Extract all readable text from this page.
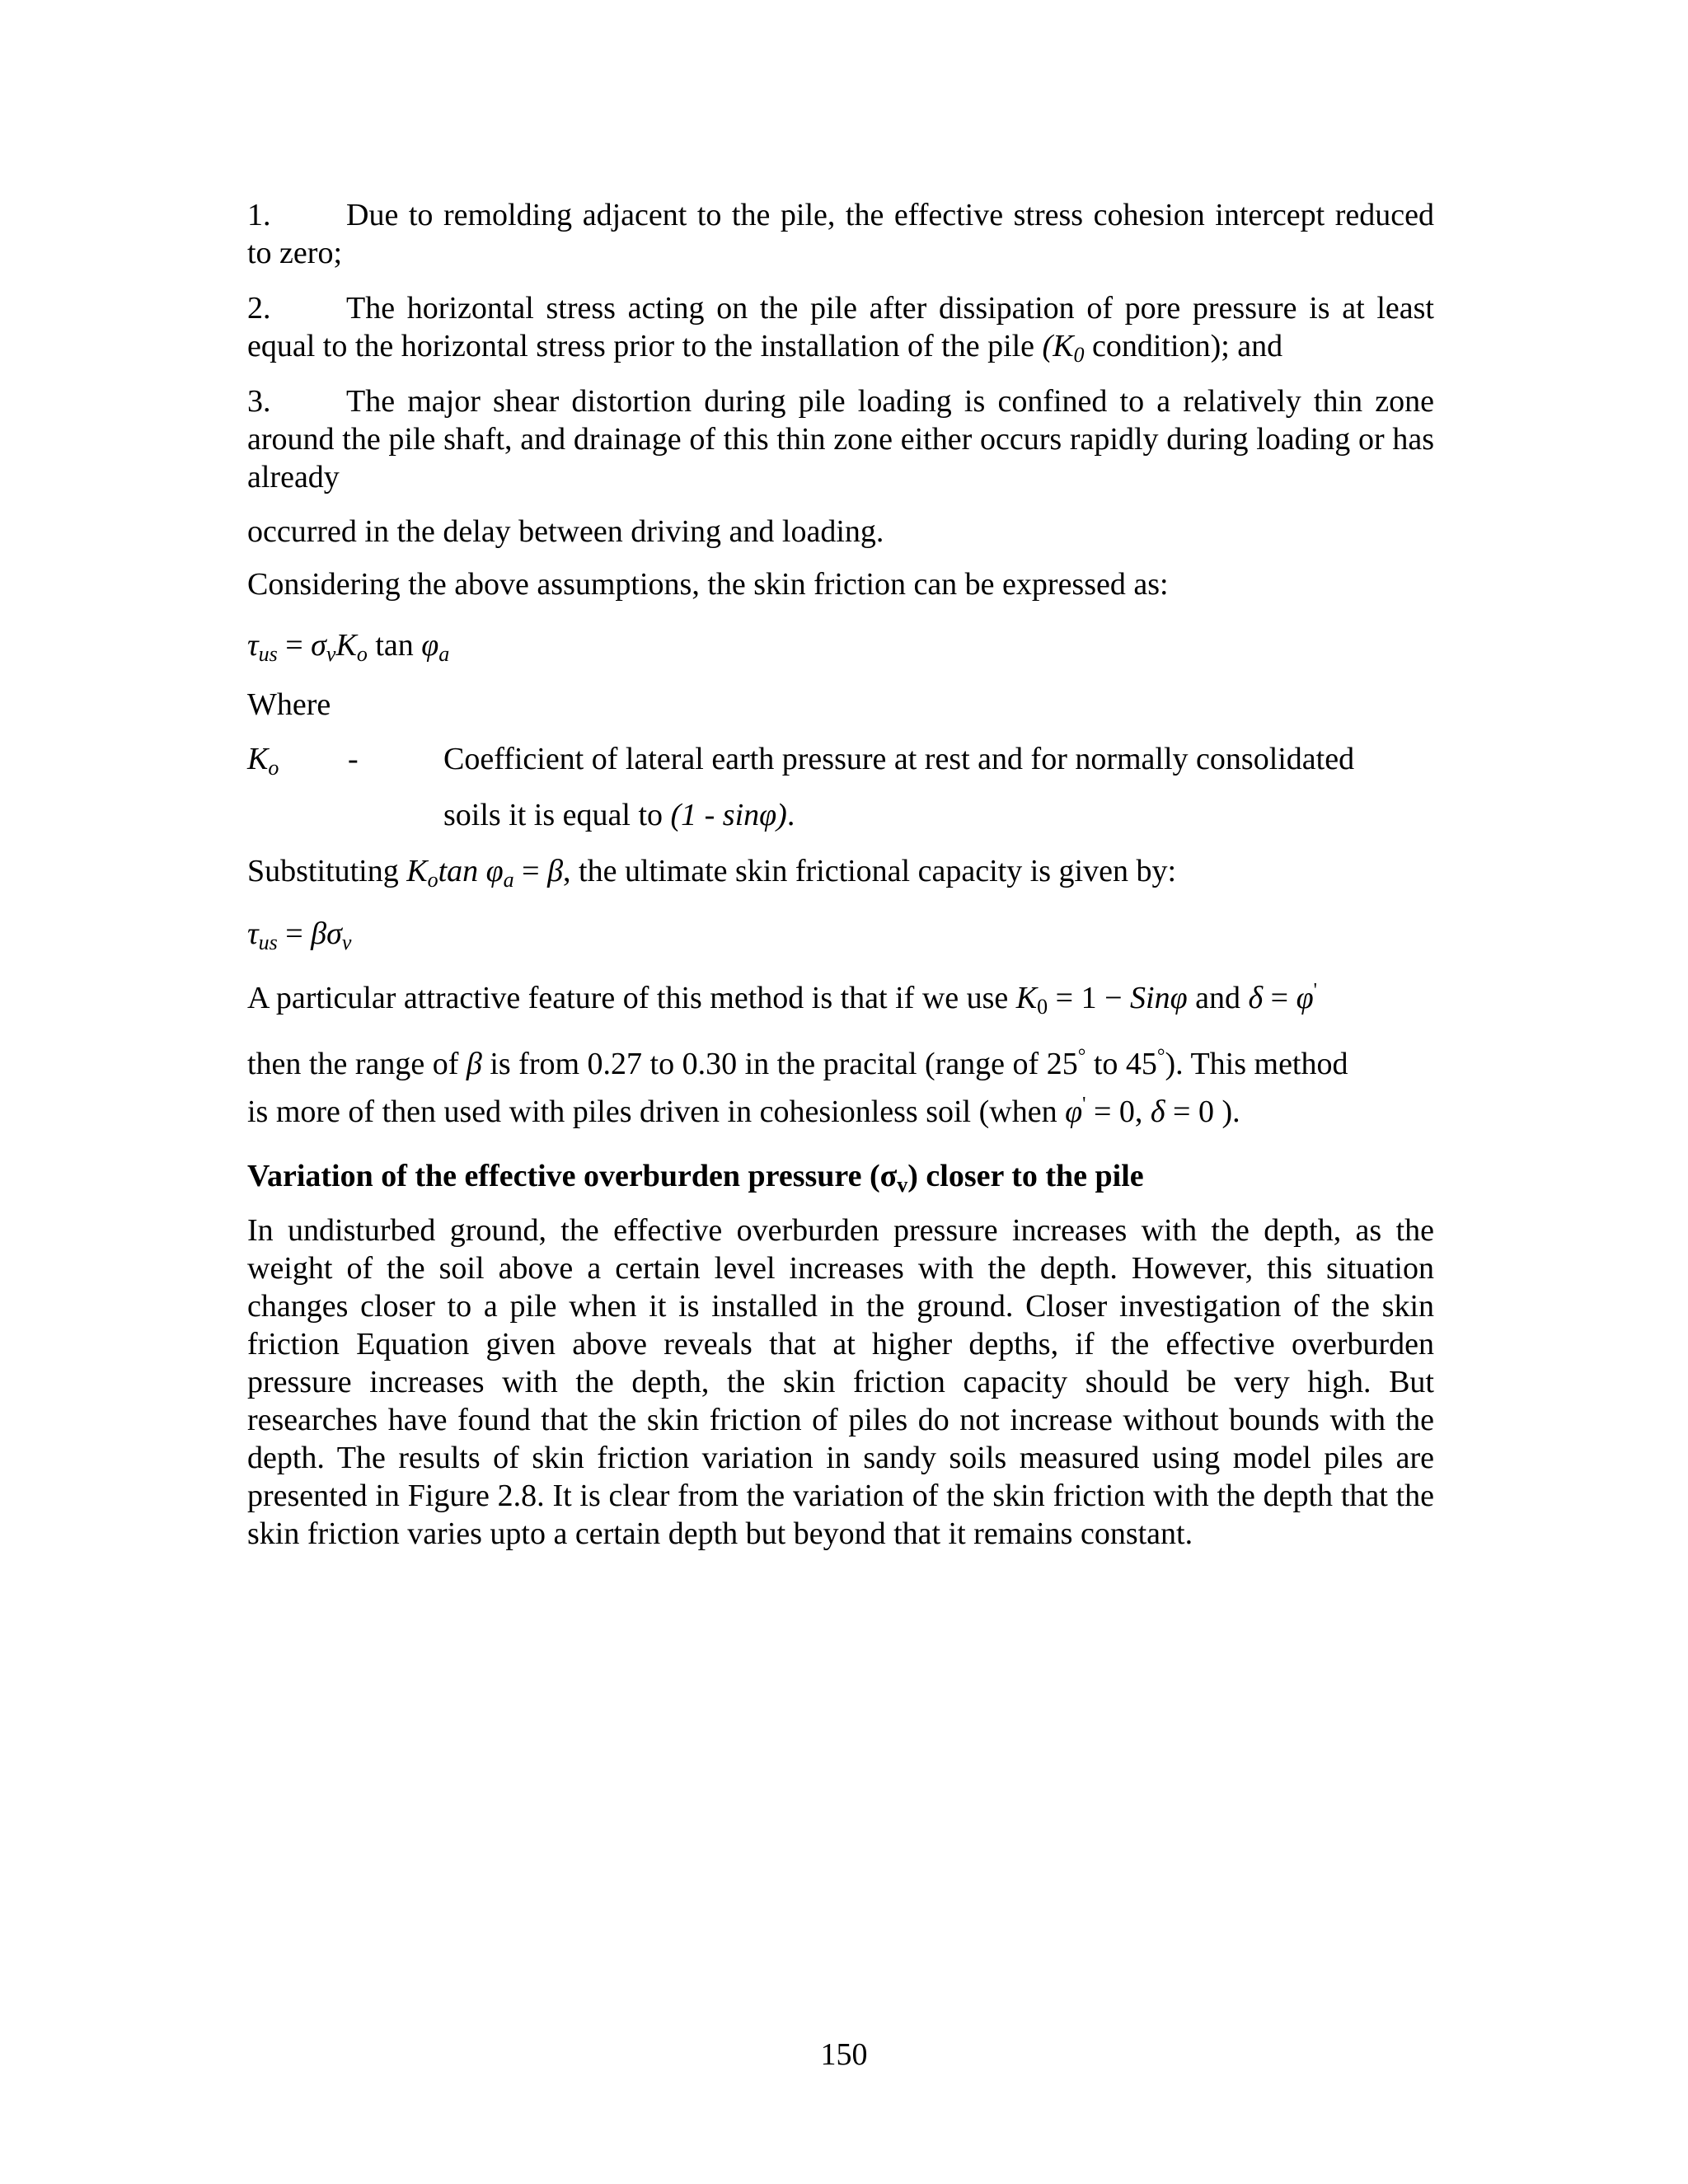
1. Due to remolding adjacent to the pile, the effective stress cohesion intercept reduced to zero;

2. The horizontal stress acting on the pile after dissipation of pore pressure is at least equal to the horizontal stress prior to the installation of the pile ($K_0$ condition); and

3. The major shear distortion during pile loading is confined to a relatively thin zone around the pile shaft, and drainage of this thin zone either occurs rapidly during loading or has already

occurred in the delay between driving and loading.

Considering the above assumptions, the skin friction can be expressed as:

$\tau_{us} = \sigma_vK_o$ $\tan \varphi_a$

Where

$K_o$ -	Coefficient of lateral earth pressure at rest and for normally consolidated
soils it is equal to (1 - sinφ).

Substituting $K_o\tan$ $\varphi_a = \beta$, the ultimate skin frictional capacity is given by:

$\tau_{us} = \beta\sigma_v$

A particular attractive feature of this method is that if we use $K_0 = 1 - Sin\varphi$ and δ = φ'

then the range of β is from 0.27 to 0.30 in the pracital (range of 25° to 45°). This method

is more of then used with piles driven in cohesionless soil (when φ' = 0, δ = 0 ).

Variation of the effective overburden pressure $(\sigma_v)$ closer to the pile

In undisturbed ground, the effective overburden pressure increases with the depth, as the weight of the soil above a certain level increases with the depth. However, this situation changes closer to a pile when it is installed in the ground. Closer investigation of the skin friction Equation given above reveals that at higher depths, if the effective overburden pressure increases with the depth, the skin friction capacity should be very high. But researches have found that the skin friction of piles do not increase without bounds with the depth. The results of skin friction variation in sandy soils measured using model piles are presented in Figure 2.8. It is clear from the variation of the skin friction with the depth that the skin friction varies upto a certain depth but beyond that it remains constant.

150
